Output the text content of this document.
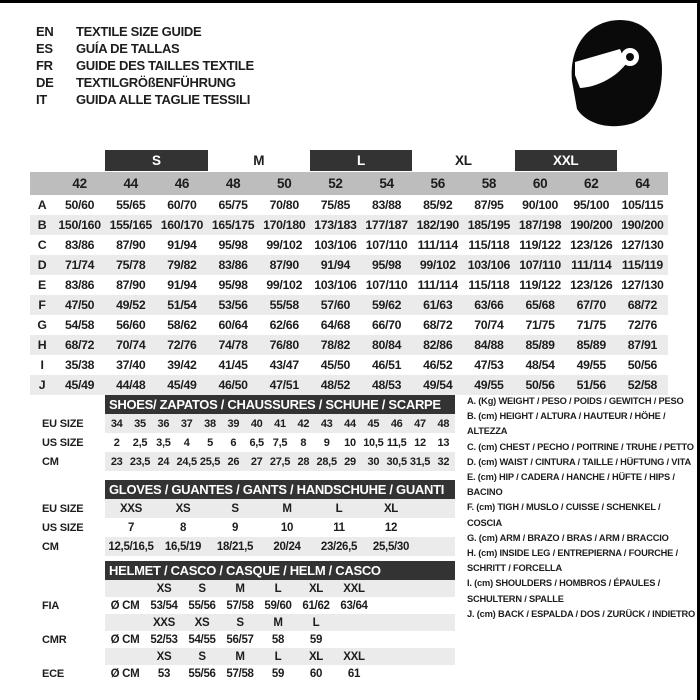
EN	TEXTILE SIZE GUIDE
ES	GUÍA DE TALLAS
FR	GUIDE DES TAILLES TEXTILE
DE	TEXTILGRÖßENFÜHRUNG
IT	GUIDA ALLE TAGLIE TESSILI
S	M	L	XL	XXL
42	44	46	48	50	52	54	56	58	60	62	64
A	50/60	55/65	60/70	65/75	70/80	75/85	83/88	85/92	87/95	90/100	95/100	105/115
B 150/160 155/165 160/170 165/175 170/180 173/183 177/187 182/190 185/195 187/198 190/200 190/200
C	83/86	87/90	91/94	95/98	99/102 103/106 107/110 111/114 115/118 119/122 123/126 127/130
D	71/74	75/78	79/82	83/86	87/90	91/94	95/98	99/102 103/106 107/110 111/114 115/119
E	83/86	87/90	91/94	95/98	99/102 103/106 107/110 111/114 115/118 119/122 123/126 127/130
F	47/50	49/52	51/54	53/56	55/58	57/60	59/62	61/63	63/66	65/68	67/70	68/72
G	54/58	56/60	58/62	60/64	62/66	64/68	66/70	68/72	70/74	71/75	71/75	72/76
H	68/72	70/74	72/76	74/78	76/80	78/82	80/84	82/86	84/88	85/89	85/89	87/91
I	35/38	37/40	39/42	41/45	43/47	45/50	46/51	46/52	47/53	48/54	49/55	50/56
J	45/49	44/48	45/49	46/50	47/51	48/52	48/53	49/54	49/55	50/56	51/56	52/58
SHOES/ ZAPATOS / CHAUSSURES / SCHUHE / SCARPE
EU SIZE	34	35	36	37	38	39	40	41	42	43	44	45	46	47	48
US SIZE	2	2,5 3,5	4	5	6	6,5 7,5	8	9	10 10,5 11,5 12	13
CM	23 23,5 24 24,5 25,5 26	27 27,5 28 28,5 29	30 30,5 31,5 32
GLOVES / GUANTES / GANTS / HANDSCHUHE / GUANTI
EU SIZE	XXS	XS	S	M	L	XL
US SIZE	7	8	9	10	11	12
CM	12,5/16,5 16,5/19	18/21,5	20/24	23/26,5	25,5/30
HELMET / CASCO / CASQUE / HELM / CASCO
XS	S	M	L	XL	XXL
FIA	Ø CM 53/54 55/56 57/58 59/60 61/62 63/64
XXS	XS	S	M	L
CMR	Ø CM 52/53 54/55 56/57	58	59
XS	S	M	L	XL	XXL
ECE	Ø CM	53	55/56 57/58	59	60	61
A. (Kg) WEIGHT / PESO / POIDS / GEWITCH / PESO
B. (cm) HEIGHT / ALTURA / HAUTEUR / HÖHE / ALTEZZA
C. (cm) CHEST / PECHO / POITRINE / TRUHE / PETTO
D. (cm) WAIST / CINTURA / TAILLE / HÜFTUNG / VITA
E. (cm) HIP / CADERA / HANCHE / HÜFTE / HIPS / BACINO
F. (cm) TIGH / MUSLO / CUISSE / SCHENKEL / COSCIA
G. (cm) ARM / BRAZO / BRAS / ARM / BRACCIO
H. (cm) INSIDE LEG / ENTREPIERNA / FOURCHE / SCHRITT / FORCELLA
I. (cm) SHOULDERS / HOMBROS / ÉPAULES / SCHULTERN / SPALLE
J. (cm) BACK / ESPALDA / DOS / ZURÜCK / INDIETRO
